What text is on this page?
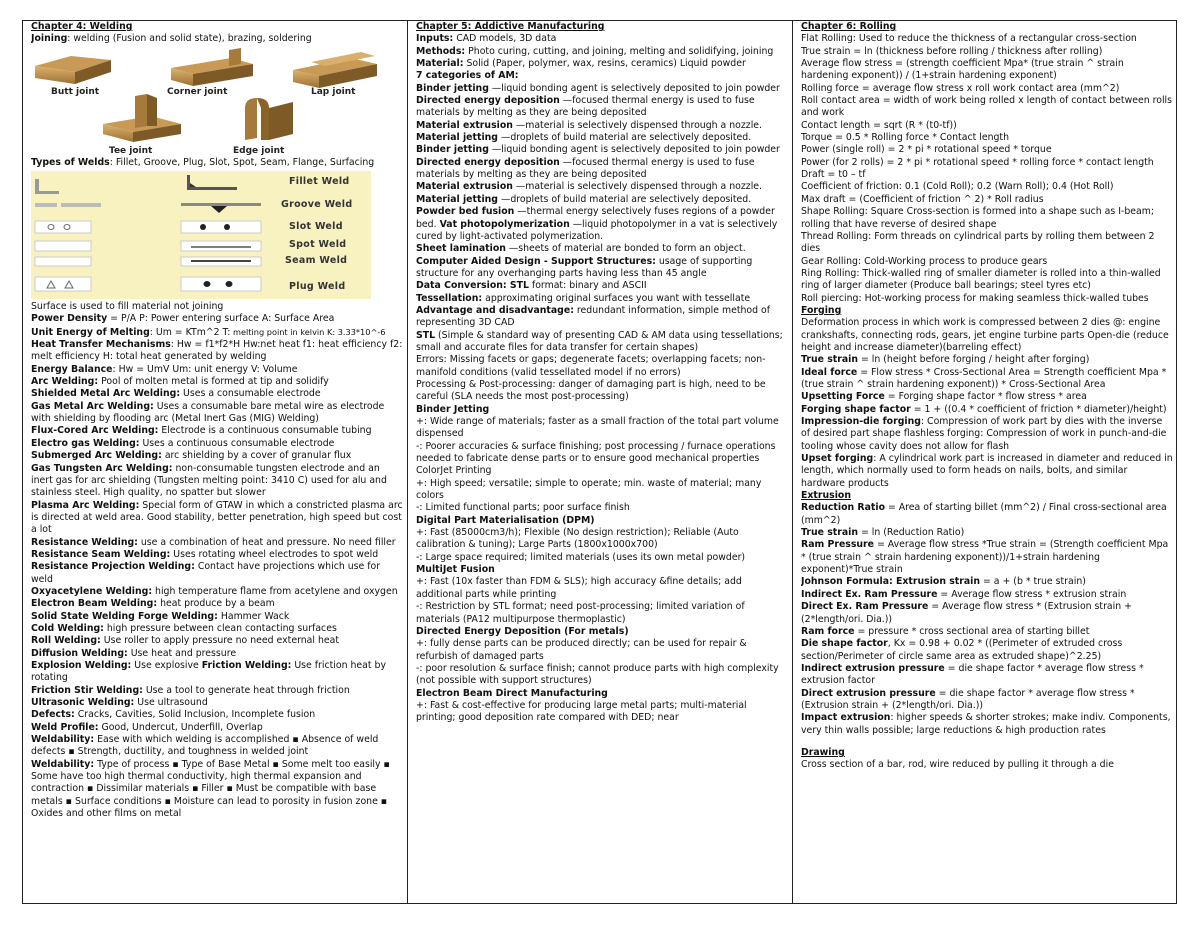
Chapter 4: Welding

Joining: welding (Fusion and solid state), brazing, soldering

Butt joint	Corner joint	Lap joint
Tee joint	Edge joint

Types of Welds: Fillet, Groove, Plug, Slot, Spot, Seam, Flange, Surfacing

Fillet Weld
Groove Weld
Slot Weld
Spot Weld
Seam Weld
Plug Weld

Surface is used to fill material not joining

Power Density = P/A P: Power entering surface A: Surface Area

Unit Energy of Melting: Um = KTm^2 T: melting point in kelvin K: 3.33*10^-6

Heat Transfer Mechanisms: Hw = f1*f2*H Hw:net heat f1: heat efficiency f2: melt efficiency H: total heat generated by welding

Energy Balance: Hw = UmV Um: unit energy V: Volume

Arc Welding: Pool of molten metal is formed at tip and solidify

Shielded Metal Arc Welding: Uses a consumable electrode

Gas Metal Arc Welding: Uses a consumable bare metal wire as electrode with shielding by flooding arc (Metal Inert Gas (MIG) Welding)

Flux-Cored Arc Welding: Electrode is a continuous consumable tubing

Electro gas Welding: Uses a continuous consumable electrode

Submerged Arc Welding: arc shielding by a cover of granular flux

Gas Tungsten Arc Welding: non-consumable tungsten electrode and an inert gas for arc shielding (Tungsten melting point: 3410 C) used for alu and stainless steel. High quality, no spatter but slower

Plasma Arc Welding: Special form of GTAW in which a constricted plasma arc is directed at weld area. Good stability, better penetration, high speed but cost a lot

Resistance Welding: use a combination of heat and pressure. No need filler

Resistance Seam Welding: Uses rotating wheel electrodes to spot weld

Resistance Projection Welding: Contact have projections which use for weld

Oxyacetylene Welding: high temperature flame from acetylene and oxygen

Electron Beam Welding: heat produce by a beam

Solid State Welding Forge Welding: Hammer Wack

Cold Welding: high pressure between clean contacting surfaces

Roll Welding: Use roller to apply pressure no need external heat

Diffusion Welding: Use heat and pressure

Explosion Welding: Use explosive Friction Welding: Use friction heat by rotating

Friction Stir Welding: Use a tool to generate heat through friction

Ultrasonic Welding: Use ultrasound

Defects: Cracks, Cavities, Solid Inclusion, Incomplete fusion

Weld Profile: Good, Undercut, Underfill, Overlap

Weldability: Ease with which welding is accomplished ▪ Absence of weld defects ▪ Strength, ductility, and toughness in welded joint

Weldability: Type of process ▪ Type of Base Metal ▪ Some melt too easily ▪ Some have too high thermal conductivity, high thermal expansion and contraction ▪ Dissimilar materials ▪ Filler ▪ Must be compatible with base metals ▪ Surface conditions ▪ Moisture can lead to porosity in fusion zone ▪ Oxides and other films on metal

Chapter 5: Addictive Manufacturing

Inputs: CAD models, 3D data

Methods: Photo curing, cutting, and joining, melting and solidifying, joining

Material: Solid (Paper, polymer, wax, resins, ceramics) Liquid powder

7 categories of AM:

Binder jetting —liquid bonding agent is selectively deposited to join powder Directed energy deposition —focused thermal energy is used to fuse materials by melting as they are being deposited

Material extrusion —material is selectively dispensed through a nozzle.

Material jetting —droplets of build material are selectively deposited.

Binder jetting —liquid bonding agent is selectively deposited to join powder Directed energy deposition —focused thermal energy is used to fuse materials by melting as they are being deposited

Material extrusion —material is selectively dispensed through a nozzle.

Material jetting —droplets of build material are selectively deposited.

Powder bed fusion —thermal energy selectively fuses regions of a powder bed. Vat photopolymerization —liquid photopolymer in a vat is selectively cured by light-activated polymerization.

Sheet lamination —sheets of material are bonded to form an object.

Computer Aided Design - Support Structures: usage of supporting structure for any overhanging parts having less than 45 angle

Data Conversion: STL format: binary and ASCII

Tessellation: approximating original surfaces you want with tessellate

Advantage and disadvantage: redundant information, simple method of representing 3D CAD

STL (Simple & standard way of presenting CAD & AM data using tessellations; small and accurate files for data transfer for certain shapes)

Errors: Missing facets or gaps; degenerate facets; overlapping facets; non-manifold conditions (valid tessellated model if no errors)

Processing & Post-processing: danger of damaging part is high, need to be careful (SLA needs the most post-processing)

Binder Jetting

+: Wide range of materials; faster as a small fraction of the total part volume dispensed

-: Poorer accuracies & surface finishing; post processing / furnace operations needed to fabricate dense parts or to ensure good mechanical properties

ColorJet Printing

+: High speed; versatile; simple to operate; min. waste of material; many colors

-: Limited functional parts; poor surface finish

Digital Part Materialisation (DPM)

+: Fast (85000cm3/h); Flexible (No design restriction); Reliable (Auto calibration & tuning); Large Parts (1800x1000x700)

-: Large space required; limited materials (uses its own metal powder)

MultiJet Fusion

+: Fast (10x faster than FDM & SLS); high accuracy &fine details; add additional parts while printing

-: Restriction by STL format; need post-processing; limited variation of materials (PA12 multipurpose thermoplastic)

Directed Energy Deposition (For metals)

+: fully dense parts can be produced directly; can be used for repair & refurbish of damaged parts

-: poor resolution & surface finish; cannot produce parts with high complexity (not possible with support structures)

Electron Beam Direct Manufacturing

+: Fast & cost-effective for producing large metal parts; multi-material printing; good deposition rate compared with DED; near

Chapter 6: Rolling

Flat Rolling: Used to reduce the thickness of a rectangular cross-section

True strain = ln (thickness before rolling / thickness after rolling)

Average flow stress = (strength coefficient Mpa* (true strain ^ strain hardening exponent)) / (1+strain hardening exponent)

Rolling force = average flow stress x roll work contact area (mm^2)

Roll contact area = width of work being rolled x length of contact between rolls and work

Contact length = sqrt (R * (t0-tf))

Torque = 0.5 * Rolling force * Contact length

Power (single roll) = 2 * pi * rotational speed * torque

Power (for 2 rolls) = 2 * pi * rotational speed * rolling force * contact length

Draft = t0 – tf

Coefficient of friction: 0.1 (Cold Roll); 0.2 (Warn Roll); 0.4 (Hot Roll)

Max draft = (Coefficient of friction ^ 2) * Roll radius

Shape Rolling: Square Cross-section is formed into a shape such as I-beam; rolling that have reverse of desired shape

Thread Rolling: Form threads on cylindrical parts by rolling them between 2 dies

Gear Rolling: Cold-Working process to produce gears

Ring Rolling: Thick-walled ring of smaller diameter is rolled into a thin-walled ring of larger diameter (Produce ball bearings; steel tyres etc)

Roll piercing: Hot-working process for making seamless thick-walled tubes

Forging

Deformation process in which work is compressed between 2 dies @: engine crankshafts, connecting rods, gears, jet engine turbine parts Open-die (reduce height and increase diameter)(barreling effect)

True strain = ln (height before forging / height after forging)

Ideal force = Flow stress * Cross-Sectional Area = Strength coefficient Mpa * (true strain ^ strain hardening exponent)) * Cross-Sectional Area

Upsetting Force = Forging shape factor * flow stress * area

Forging shape factor = 1 + ((0.4 * coefficient of friction * diameter)/height)

Impression-die forging: Compression of work part by dies with the inverse of desired part shape flashless forging: Compression of work in punch-and-die tooling whose cavity does not allow for flash

Upset forging: A cylindrical work part is increased in diameter and reduced in length, which normally used to form heads on nails, bolts, and similar hardware products

Extrusion

Reduction Ratio = Area of starting billet (mm^2) / Final cross-sectional area (mm^2)

True strain = ln (Reduction Ratio)

Ram Pressure = Average flow stress *True strain = (Strength coefficient Mpa * (true strain ^ strain hardening exponent))/1+strain hardening exponent)*True strain

Johnson Formula: Extrusion strain = a + (b * true strain)

Indirect Ex. Ram Pressure = Average flow stress * extrusion strain

Direct Ex. Ram Pressure = Average flow stress * (Extrusion strain + (2*length/ori. Dia.))

Ram force = pressure * cross sectional area of starting billet

Die shape factor, Kx = 0.98 + 0.02 * ((Perimeter of extruded cross section/Perimeter of circle same area as extruded shape)^2.25)

Indirect extrusion pressure = die shape factor * average flow stress * extrusion factor

Direct extrusion pressure = die shape factor * average flow stress * (Extrusion strain + (2*length/ori. Dia.))

Impact extrusion: higher speeds & shorter strokes; make indiv. Components, very thin walls possible; large reductions & high production rates

Drawing

Cross section of a bar, rod, wire reduced by pulling it through a die
